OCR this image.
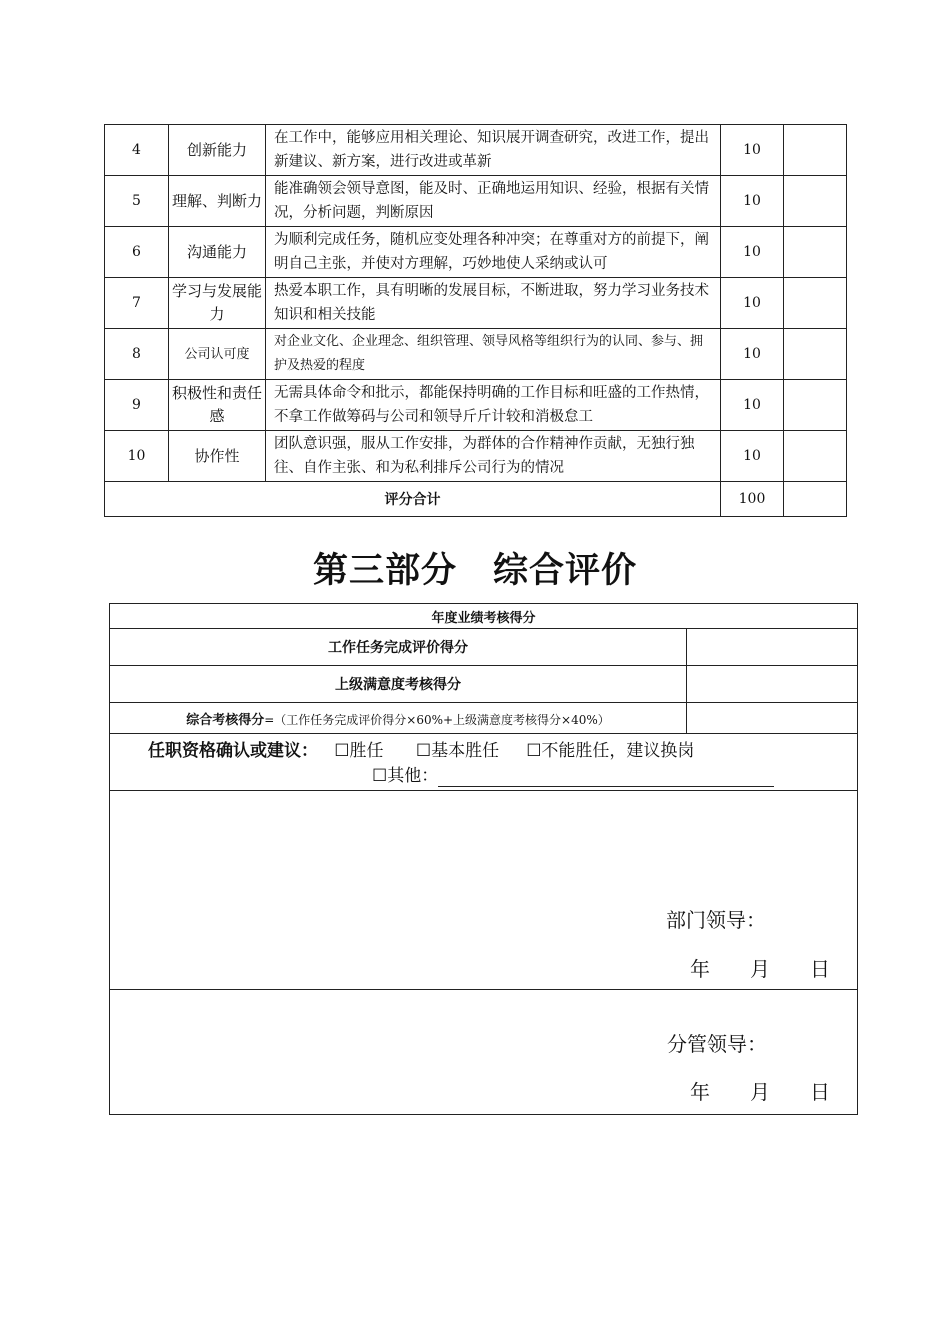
4	创新能力	在工作中，能够应用相关理论、知识展开调查研究，改进工作，提出新建议、新方案，进行改进或革新	10	
5	理解、判断力	能准确领会领导意图，能及时、正确地运用知识、经验，根据有关情况，分析问题，判断原因	10	
6	沟通能力	为顺利完成任务，随机应变处理各种冲突；在尊重对方的前提下，阐明自己主张，并使对方理解，巧妙地使人采纳或认可	10	
7	学习与发展能力	热爱本职工作，具有明晰的发展目标，不断进取，努力学习业务技术知识和相关技能	10	
8	公司认可度	对企业文化、企业理念、组织管理、领导风格等组织行为的认同、参与、拥护及热爱的程度	10	
9	积极性和责任感	无需具体命令和批示，都能保持明确的工作目标和旺盛的工作热情，不拿工作做筹码与公司和领导斤斤计较和消极怠工	10	
10	协作性	团队意识强，服从工作安排，为群体的合作精神作贡献，无独行独往、自作主张、和为私利排斥公司行为的情况	10	
评分合计			100	
第三部分　综合评价
年度业绩考核得分	
工作任务完成评价得分	
上级满意度考核得分	
综合考核得分=（工作任务完成评价得分×60%+上级满意度考核得分×40%）	

任职资格确认或建议： ☐胜任 ☐基本胜任 ☐不能胜任，建议换岗
☐其他：	

部门领导：
年　　月　　日	

分管领导：
年　　月　　日	
